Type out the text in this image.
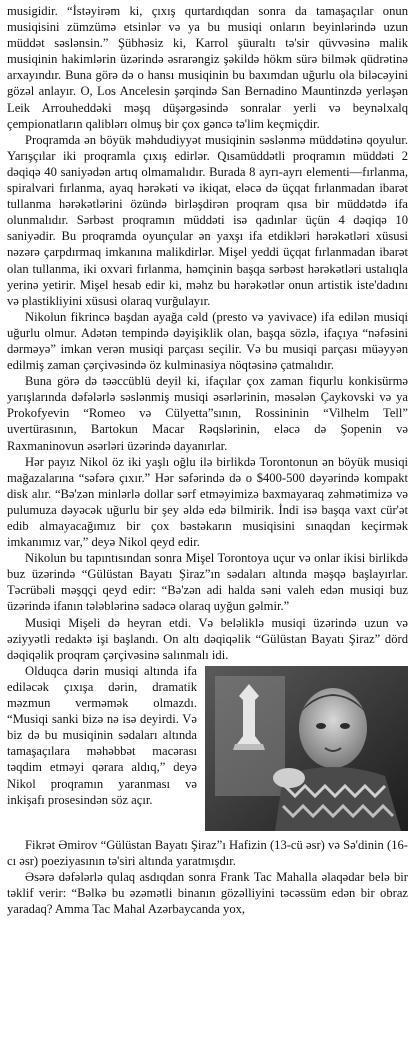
musigidir. “İstəyirəm ki, çıxış qurtardıqdan sonra da tamaşaçılar onun musiqisini zümzümə etsinlər və ya bu musiqi onların beyinlərində uzun müddət səslənsin.” Şübhəsiz ki, Karrol şüuraltı tə'sir qüvvəsinə malik musiqinin hakimlərin üzərində əsrarəngiz şəkildə hökm sürə bilmək qüdrətinə arxayındır. Buna görə də o hansı musiqinin bu baxımdan uğurlu ola biləcəyini gözəl anlayır. O, Los Ancelesin şərqində San Bernadino Mauntinzdə yerləşən Leik Arrouheddəki məşq düşərgəsində sonralar yerli və beynəlxalq çempionatların qaliblərı olmuş bir çox gəncə tə'lim keçmiçdir.

Proqramda ən böyük məhdudiyyət musiqinin səslənmə müddətinə qoyulur. Yarışçılar iki proqramla çıxış edirlər. Qısamüddətli proqramın müddəti 2 dəqiqə 40 saniyədən artıq olmamalıdır. Burada 8 ayrı-ayrı elementi—fırlanma, spiralvari fırlanma, ayaq hərəkəti və ikiqat, eləcə də üçqat fırlanmadan ibarət tullanma hərəkətlərini özündə birləşdirən proqram qısa bir müddətdə ifa olunmalıdır. Sərbəst proqramın müddəti isə qadınlar üçün 4 dəqiqə 10 saniyədir. Bu proqramda oyunçular ən yaxşı ifa etdikləri hərəkətləri xüsusi nəzərə çarpdırmaq imkanına malikdirlər. Mişel yeddi üçqat fırlanmadan ibarət olan tullanma, iki oxvari fırlanma, həmçinin başqa sərbəst hərəkətləri ustalıqla yerinə yetirir. Mişel hesab edir ki, məhz bu hərəkətlər onun artistik istе'dadını və plastikliyini xüsusi olaraq vurğulayır.

Nikolun fikrincə başdan ayağa cəld (presto və yavivace) ifa edilən musiqi uğurlu olmur. Adətən tempində dəyişiklik olan, başqa sözlə, ifaçıya “nəfəsini dərməyə” imkan verən musiqi parçası seçilir. Və bu musiqi parçası müəyyən edilmiş zaman çərçivəsində öz kulminasiya nöqtəsinə çatmalıdır.

Buna görə də təəccüblü deyil ki, ifaçılar çox zaman fiqurlu konkisürmə yarışlarında dəfələrlə səslənmiş musiqi əsərlərinin, məsələn Çaykovski və ya Prokofyevin “Romeo və Cülyetta”sının, Rossininin “Vilhelm Tell” uvertürasının, Bartokun Macar Rəqslərinin, eləcə də Şopenin və Raxmaninovun əsərləri üzərində dayanırlar.

Hər payız Nikol öz iki yaşlı oğlu ilə birlikdə Torontonun ən böyük musiqi mağazalarına “səfərə çıxır.” Hər səfərində də o $400-500 dəyərində kompakt disk alır. “Bə'zən minlərlə dollar sərf etməyimizə baxmayaraq zəhmətimizə və pulumuza dəyəcək uğurlu bir şey əldə edə bilmirik. İndi isə başqa vaxt cür'ət edib almayacağımız bir çox bəstəkarın musiqisini sınaqdan keçirmək imkanımız var,” deyə Nikol qeyd edir.

Nikolun bu tapıntısından sonra Mişel Torontoya uçur və onlar ikisi birlikdə buz üzərində “Gülüstan Bayatı Şiraz”ın sədaları altında məşqə başlayırlar. Təcrübəli məşqçi qeyd edir: “Bə'zən adi halda səni valeh edən musiqi buz üzərində ifanın tələblərinə sadəcə olaraq uyğun gəlmir.”

Musiqi Mişeli də heyran etdi. Və beləliklə musiqi üzərində uzun və əziyyətli redaktə işi başlandı. On altı dəqiqəlik “Gülüstan Bayatı Şiraz” dörd dəqiqəlik proqram çərçivəsinə salınmalı idi.

Olduqca dərin musiqi altında ifa edilәcək çıxışa dərin, dramatik məzmun vermәmək olmazdı. “Musiqi sanki bizə nə isə deyirdi. Və biz də bu musiqinin sədaları altında tamaşaçılara məhəbbət macərası təqdim etməyi qərara aldıq,” deyə Nikol proqramın yaranması və inkişafı prosesindən söz açır.

Fikrət Əmirov “Gülüstan Bayatı Şiraz”ı Hafizin (13-cü əsr) və Sə'dinin (16-cı əsr) poeziyasının tə'siri altında yaratmışdır.

Əsərə dəfələrlə qulaq asdıqdan sonra Frank Tac Mahalla əlaqədar belə bir təklif verir: “Bəlkə bu əzəmətli binanın gözəlliyini təcəssüm edən bir obraz yaradaq? Amma Tac Mahal Azərbaycanda yox,
